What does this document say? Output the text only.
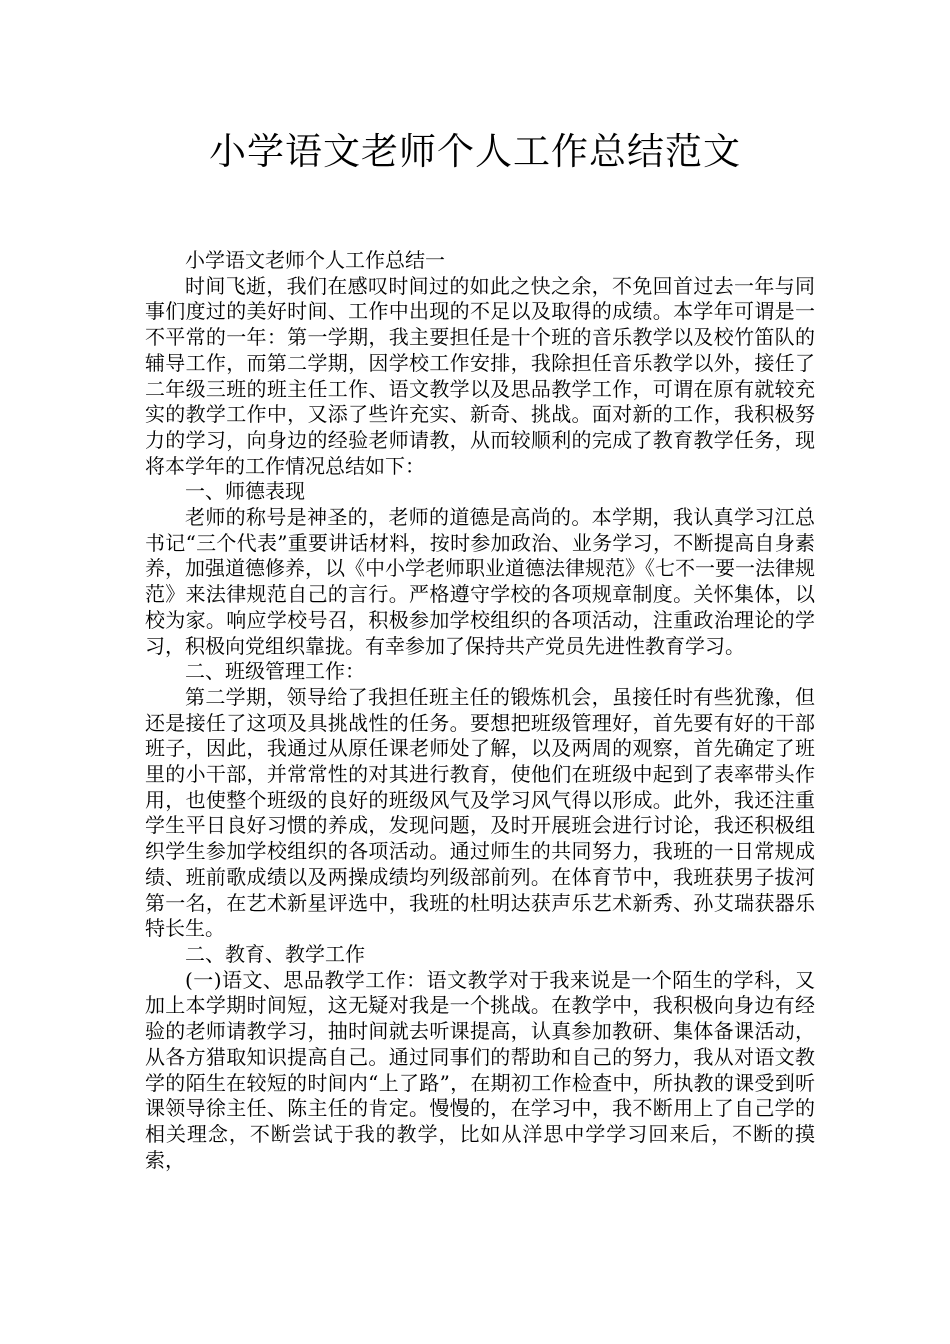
小学语文老师个人工作总结范文

小学语文老师个人工作总结一

时间飞逝，我们在感叹时间过的如此之快之余，不免回首过去一年与同事们度过的美好时间、工作中出现的不足以及取得的成绩。本学年可谓是一不平常的一年：第一学期，我主要担任是十个班的音乐教学以及校竹笛队的辅导工作，而第二学期，因学校工作安排，我除担任音乐教学以外，接任了二年级三班的班主任工作、语文教学以及思品教学工作，可谓在原有就较充实的教学工作中，又添了些许充实、新奇、挑战。面对新的工作，我积极努力的学习，向身边的经验老师请教，从而较顺利的完成了教育教学任务，现将本学年的工作情况总结如下：

一、师德表现

老师的称号是神圣的，老师的道德是高尚的。本学期，我认真学习江总书记“三个代表”重要讲话材料，按时参加政治、业务学习，不断提高自身素养，加强道德修养，以《中小学老师职业道德法律规范》《七不一要一法律规范》来法律规范自己的言行。严格遵守学校的各项规章制度。关怀集体，以校为家。响应学校号召，积极参加学校组织的各项活动，注重政治理论的学习，积极向党组织靠拢。有幸参加了保持共产党员先进性教育学习。

二、班级管理工作：

第二学期，领导给了我担任班主任的锻炼机会，虽接任时有些犹豫，但还是接任了这项及具挑战性的任务。要想把班级管理好，首先要有好的干部班子，因此，我通过从原任课老师处了解，以及两周的观察，首先确定了班里的小干部，并常常性的对其进行教育，使他们在班级中起到了表率带头作用，也使整个班级的良好的班级风气及学习风气得以形成。此外，我还注重学生平日良好习惯的养成，发现问题，及时开展班会进行讨论，我还积极组织学生参加学校组织的各项活动。通过师生的共同努力，我班的一日常规成绩、班前歌成绩以及两操成绩均列级部前列。在体育节中，我班获男子拔河第一名，在艺术新星评选中，我班的杜明达获声乐艺术新秀、孙艾瑞获器乐特长生。

二、教育、教学工作

(一)语文、思品教学工作：语文教学对于我来说是一个陌生的学科，又加上本学期时间短，这无疑对我是一个挑战。在教学中，我积极向身边有经验的老师请教学习，抽时间就去听课提高，认真参加教研、集体备课活动，从各方猎取知识提高自己。通过同事们的帮助和自己的努力，我从对语文教学的陌生在较短的时间内“上了路”，在期初工作检查中，所执教的课受到听课领导徐主任、陈主任的肯定。慢慢的，在学习中，我不断用上了自己学的相关理念，不断尝试于我的教学，比如从洋思中学学习回来后，不断的摸索，
